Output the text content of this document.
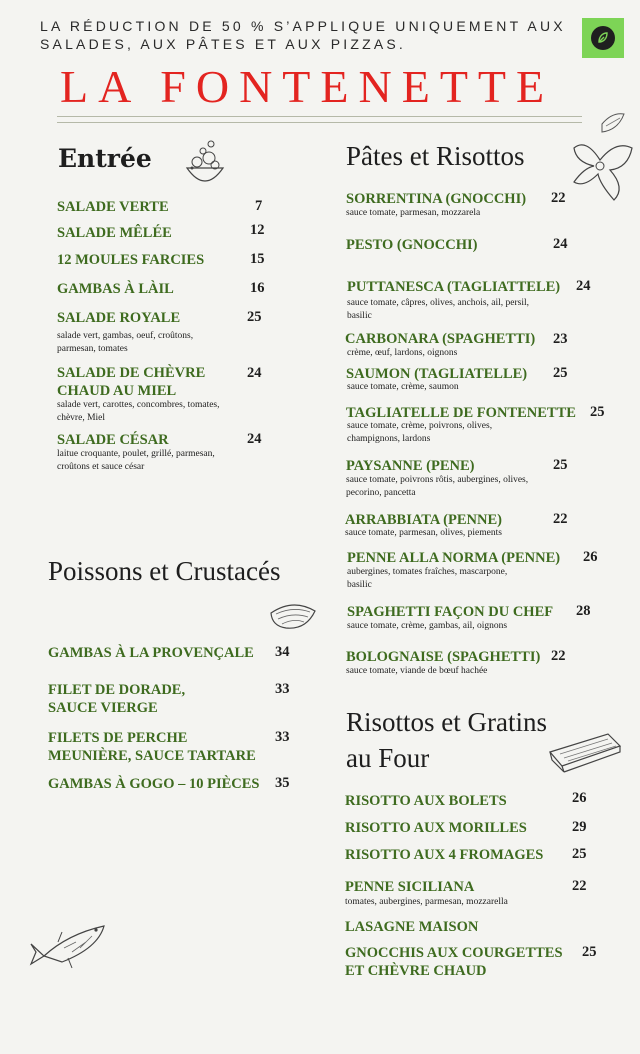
LA RÉDUCTION DE 50 % S’APPLIQUE UNIQUEMENT AUX
SALADES, AUX PÂTES ET AUX PIZZAS.
LA FONTENETTE
Entrée
SALADE VERTE	7
SALADE MÊLÉE	12
12 MOULES FARCIES	15
GAMBAS À LÀIL	16
SALADE ROYALE	25
salade vert, gambas, oeuf, croûtons,
parmesan, tomates
SALADE DE CHÈVRE
CHAUD AU MIEL
24
salade vert, carottes, concombres, tomates,
chèvre, Miel
SALADE CÉSAR	24
laitue croquante, poulet, grillé, parmesan,
croûtons et sauce césar
Poissons et Crustacés
GAMBAS À LA PROVENÇALE 34
FILET DE DORADE,
SAUCE VIERGE
33
FILETS DE PERCHE
MEUNIÈRE, SAUCE TARTARE
33
GAMBAS À GOGO – 10 PIÈCES 35
Pâtes et Risottos
SORRENTINA (GNOCCHI) 22
sauce tomate, parmesan, mozzarela
PESTO (GNOCCHI)	24
PUTTANESCA (TAGLIATTELE) 24
sauce tomate, câpres, olives, anchois, ail, persil,
basilic
CARBONARA (SPAGHETTI) 23
crème, œuf, lardons, oignons
SAUMON (TAGLIATELLE) 25
sauce tomate, crème, saumon
TAGLIATELLE DE FONTENETTE 25
sauce tomate, crème, poivrons, olives,
champignons, lardons
PAYSANNE (PENE)	25
sauce tomate, poivrons rôtis, aubergines, olives,
pecorino, pancetta
ARRABBIATA (PENNE)	22
sauce tomate, parmesan, olives, piements
PENNE ALLA NORMA (PENNE) 26
aubergines, tomates fraîches, mascarpone,
basilic
SPAGHETTI FAÇON DU CHEF 28
sauce tomate, crème, gambas, ail, oignons
BOLOGNAISE (SPAGHETTI) 22
sauce tomate, viande de bœuf hachée
Risottos et Gratins
au Four
RISOTTO AUX BOLETS	26
RISOTTO AUX MORILLES	29
RISOTTO AUX 4 FROMAGES 25
PENNE SICILIANA	22
tomates, aubergines, parmesan, mozzarella
LASAGNE MAISON
GNOCCHIS AUX COURGETTES
ET CHÈVRE CHAUD
25
